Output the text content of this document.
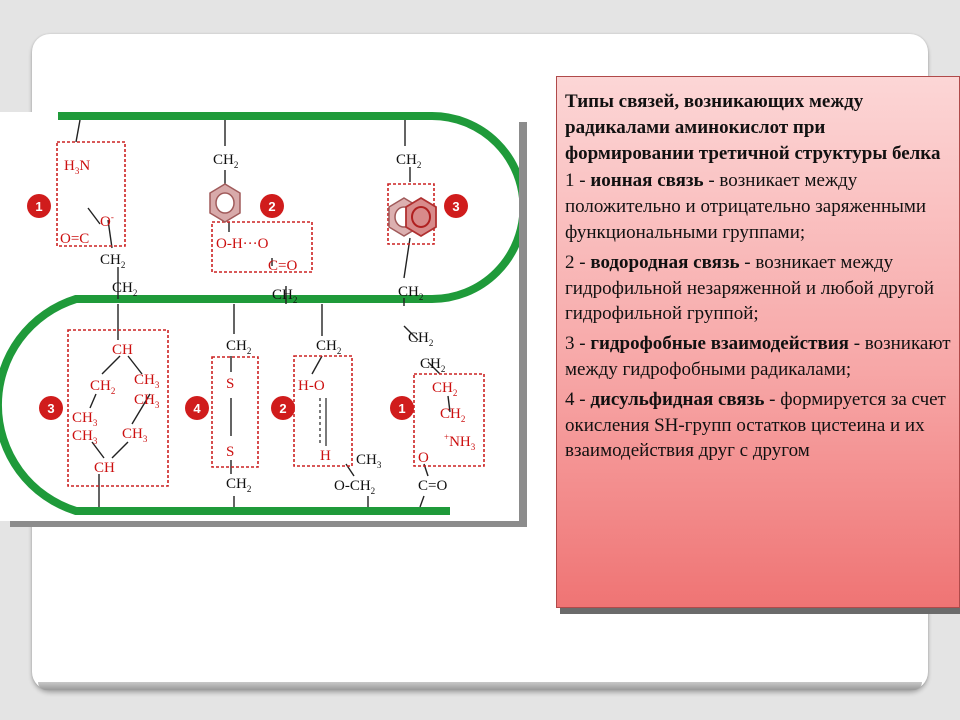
1	2	3
3	4	2	1
$H_3N$
O-
O=C
$CH_2$
$CH_2$
$CH_2$
O-H···O
C=O
$CH_2$
$CH_2$
$CH_2$
CH
$CH_2$
$CH_3$
$CH_3$
$CH_3$
$CH_3$ $CH_3$
CH
$CH_2$
S
S
$CH_2$
$CH_2$
H-O
H $CH_3$
$O-CH_2$
$CH_2$
$CH_2$
$CH_2$
$CH_2$
$^+NH_3$
O
C=O

Типы связей, возникающих между радикалами аминокислот при формировании третичной структуры белка

1 - ионная связь - возникает между положительно и отрицательно заряженными функциональными группами;

2 - водородная связь - возникает между гидрофильной незаряженной и любой другой гидрофильной группой;

3 - гидрофобные взаимодействия - возникают между гидрофобными радикалами;

4 - дисульфидная связь - формируется за счет окисления SH-групп остатков цистеина и их взаимодействия друг с другом
